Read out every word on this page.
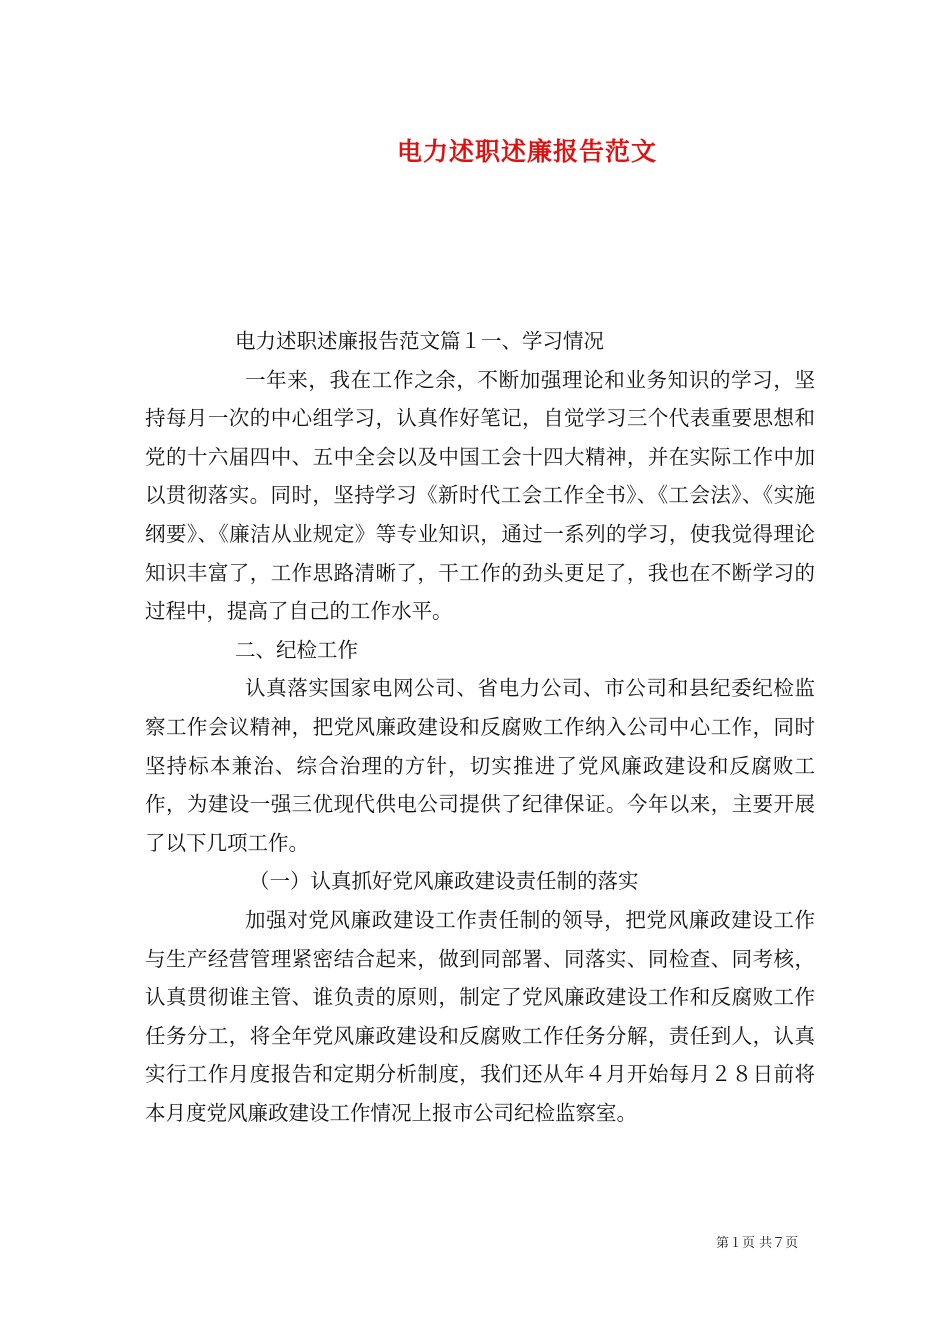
电力述职述廉报告范文

电力述职述廉报告范文篇１一、学习情况

一年来，我在工作之余，不断加强理论和业务知识的学习，坚持每月一次的中心组学习，认真作好笔记，自觉学习三个代表重要思想和党的十六届四中、五中全会以及中国工会十四大精神，并在实际工作中加以贯彻落实。同时，坚持学习《新时代工会工作全书》、《工会法》、《实施纲要》、《廉洁从业规定》等专业知识，通过一系列的学习，使我觉得理论知识丰富了，工作思路清晰了，干工作的劲头更足了，我也在不断学习的过程中，提高了自己的工作水平。

二、纪检工作

认真落实国家电网公司、省电力公司、市公司和县纪委纪检监察工作会议精神，把党风廉政建设和反腐败工作纳入公司中心工作，同时坚持标本兼治、综合治理的方针，切实推进了党风廉政建设和反腐败工作，为建设一强三优现代供电公司提供了纪律保证。今年以来，主要开展了以下几项工作。

（一）认真抓好党风廉政建设责任制的落实

加强对党风廉政建设工作责任制的领导，把党风廉政建设工作与生产经营管理紧密结合起来，做到同部署、同落实、同检查、同考核，认真贯彻谁主管、谁负责的原则，制定了党风廉政建设工作和反腐败工作任务分工，将全年党风廉政建设和反腐败工作任务分解，责任到人，认真实行工作月度报告和定期分析制度，我们还从年４月开始每月２８日前将本月度党风廉政建设工作情况上报市公司纪检监察室。

第１页 共７页
